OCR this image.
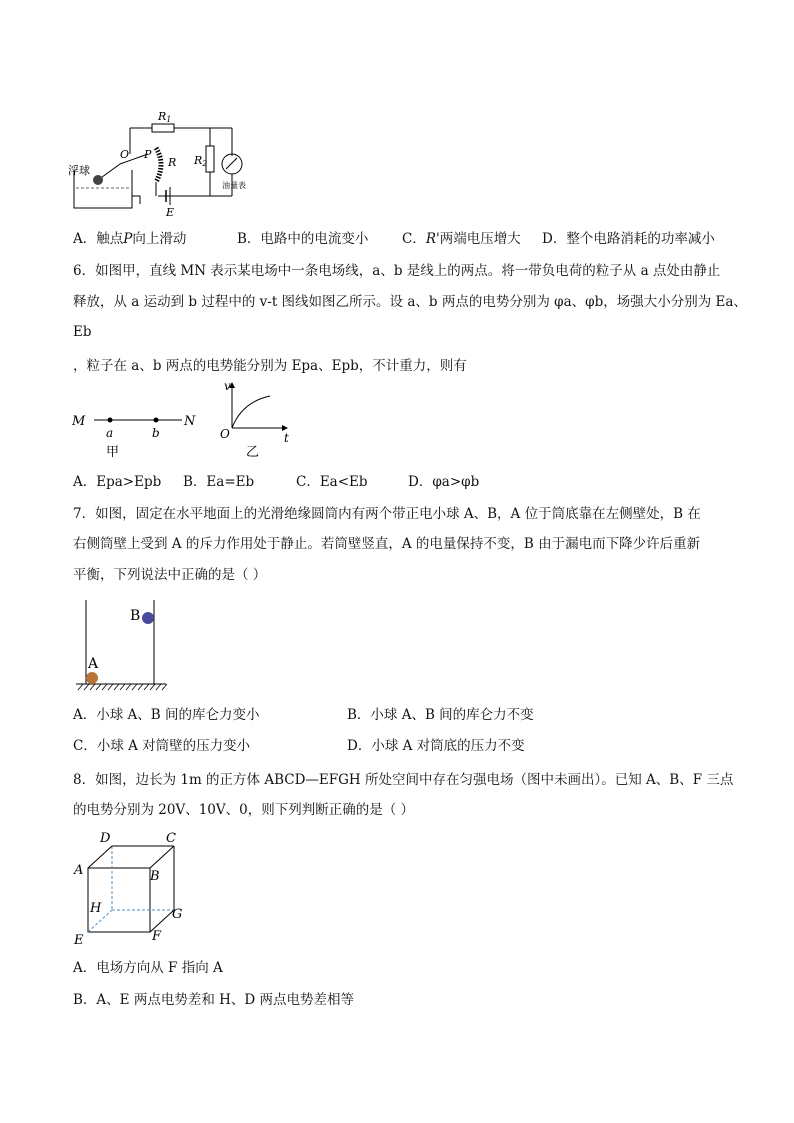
浮球
R1
R2
R
P
O
E
油量表
A．触点P向上滑动	B．电路中的电流变小 C．R'两端电压增大 D．整个电路消耗的功率减小
6．如图甲，直线 MN 表示某电场中一条电场线，a、b 是线上的两点。将一带负电荷的粒子从 a 点处由静止
释放，从 a 运动到 b 过程中的 v-t 图线如图乙所示。设 a、b 两点的电势分别为 φa、φb，场强大小分别为 Ea、
Eb
，粒子在 a、b 两点的电势能分别为 Epa、Epb，不计重力，则有
M	N
a	b
甲
v
O	t
乙
A．Epa>Epb B．Ea=Eb	C．Ea<Eb	D．φa>φb
7．如图，固定在水平地面上的光滑绝缘圆筒内有两个带正电小球 A、B，A 位于筒底靠在左侧壁处，B 在
右侧筒壁上受到 A 的斥力作用处于静止。若筒壁竖直，A 的电量保持不变，B 由于漏电而下降少许后重新
平衡，下列说法中正确的是（ ）
A
B
A．小球 A、B 间的库仑力变小	B．小球 A、B 间的库仑力不变
C．小球 A 对筒壁的压力变小	D．小球 A 对筒底的压力不变
8．如图，边长为 1m 的正方体 ABCD—EFGH 所处空间中存在匀强电场（图中未画出）。已知 A、B、F 三点
的电势分别为 20V、10V、0，则下列判断正确的是（ ）
D	C
A	B
H	G
E	F
A．电场方向从 F 指向 A
B．A、E 两点电势差和 H、D 两点电势差相等
